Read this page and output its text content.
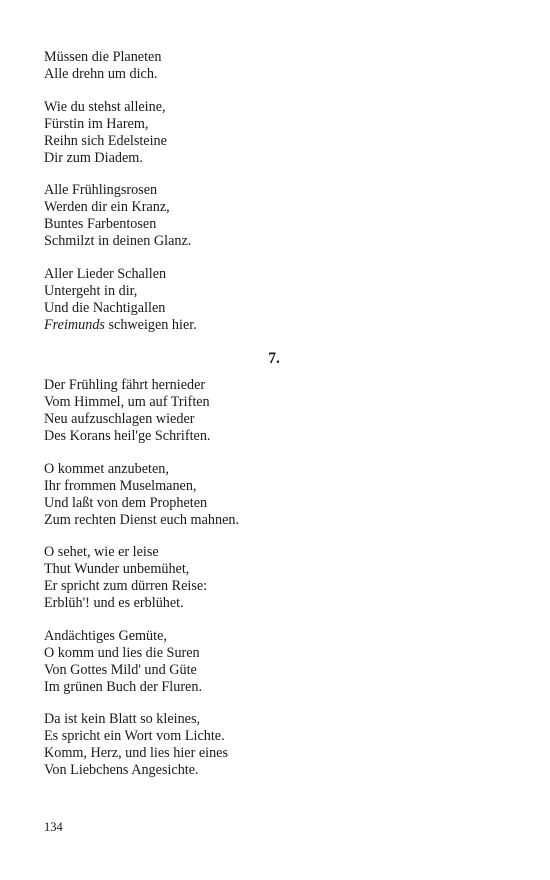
Müssen die Planeten
Alle drehn um dich.
Wie du stehst alleine,
Fürstin im Harem,
Reihn sich Edelsteine
Dir zum Diadem.
Alle Frühlingsrosen
Werden dir ein Kranz,
Buntes Farbentosen
Schmilzt in deinen Glanz.
Aller Lieder Schallen
Untergeht in dir,
Und die Nachtigallen
Freimunds schweigen hier.
7.
Der Frühling fährt hernieder
Vom Himmel, um auf Triften
Neu aufzuschlagen wieder
Des Korans heil'ge Schriften.
O kommet anzubeten,
Ihr frommen Muselmanen,
Und laßt von dem Propheten
Zum rechten Dienst euch mahnen.
O sehet, wie er leise
Thut Wunder unbemühet,
Er spricht zum dürren Reise:
Erblüh'! und es erblühet.
Andächtiges Gemüte,
O komm und lies die Suren
Von Gottes Mild' und Güte
Im grünen Buch der Fluren.
Da ist kein Blatt so kleines,
Es spricht ein Wort vom Lichte.
Komm, Herz, und lies hier eines
Von Liebchens Angesichte.
134
